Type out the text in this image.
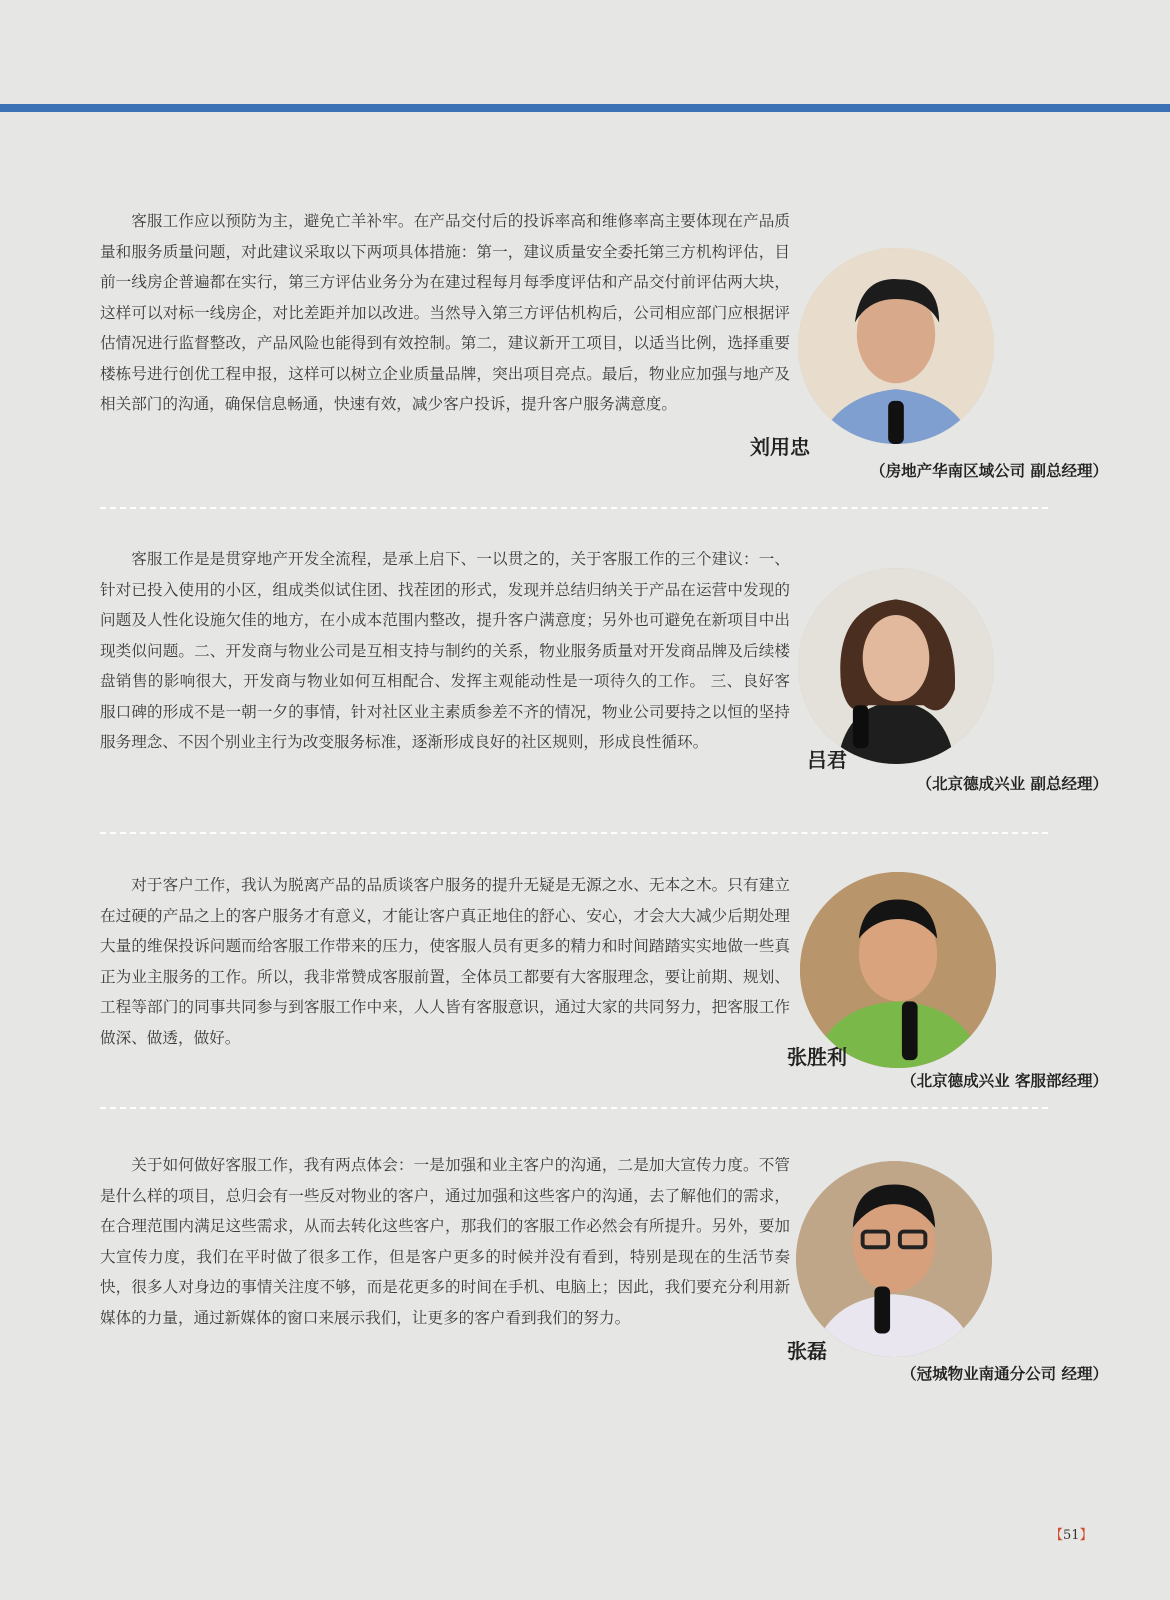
客服工作应以预防为主，避免亡羊补牢。在产品交付后的投诉率高和维修率高主要体现在产品质量和服务质量问题，对此建议采取以下两项具体措施：第一，建议质量安全委托第三方机构评估，目前一线房企普遍都在实行，第三方评估业务分为在建过程每月每季度评估和产品交付前评估两大块，这样可以对标一线房企，对比差距并加以改进。当然导入第三方评估机构后，公司相应部门应根据评估情况进行监督整改，产品风险也能得到有效控制。第二，建议新开工项目，以适当比例，选择重要楼栋号进行创优工程申报，这样可以树立企业质量品牌，突出项目亮点。最后，物业应加强与地产及相关部门的沟通，确保信息畅通，快速有效，减少客户投诉，提升客户服务满意度。
刘用忠
（房地产华南区域公司 副总经理）
客服工作是是贯穿地产开发全流程，是承上启下、一以贯之的，关于客服工作的三个建议：一、针对已投入使用的小区，组成类似试住团、找茬团的形式，发现并总结归纳关于产品在运营中发现的问题及人性化设施欠佳的地方，在小成本范围内整改，提升客户满意度；另外也可避免在新项目中出现类似问题。二、开发商与物业公司是互相支持与制约的关系，物业服务质量对开发商品牌及后续楼盘销售的影响很大，开发商与物业如何互相配合、发挥主观能动性是一项待久的工作。 三、良好客服口碑的形成不是一朝一夕的事情，针对社区业主素质参差不齐的情况，物业公司要持之以恒的坚持服务理念、不因个别业主行为改变服务标准，逐渐形成良好的社区规则，形成良性循环。
吕君
（北京德成兴业 副总经理）
对于客户工作，我认为脱离产品的品质谈客户服务的提升无疑是无源之水、无本之木。只有建立在过硬的产品之上的客户服务才有意义，才能让客户真正地住的舒心、安心，才会大大减少后期处理大量的维保投诉问题而给客服工作带来的压力，使客服人员有更多的精力和时间踏踏实实地做一些真正为业主服务的工作。所以，我非常赞成客服前置，全体员工都要有大客服理念，要让前期、规划、工程等部门的同事共同参与到客服工作中来，人人皆有客服意识，通过大家的共同努力，把客服工作做深、做透，做好。
张胜利
（北京德成兴业 客服部经理）
关于如何做好客服工作，我有两点体会：一是加强和业主客户的沟通，二是加大宣传力度。不管是什么样的项目，总归会有一些反对物业的客户，通过加强和这些客户的沟通，去了解他们的需求，在合理范围内满足这些需求，从而去转化这些客户，那我们的客服工作必然会有所提升。另外，要加大宣传力度，我们在平时做了很多工作，但是客户更多的时候并没有看到，特别是现在的生活节奏快，很多人对身边的事情关注度不够，而是花更多的时间在手机、电脑上；因此，我们要充分利用新媒体的力量，通过新媒体的窗口来展示我们，让更多的客户看到我们的努力。
张磊
（冠城物业南通分公司 经理）
【51】
